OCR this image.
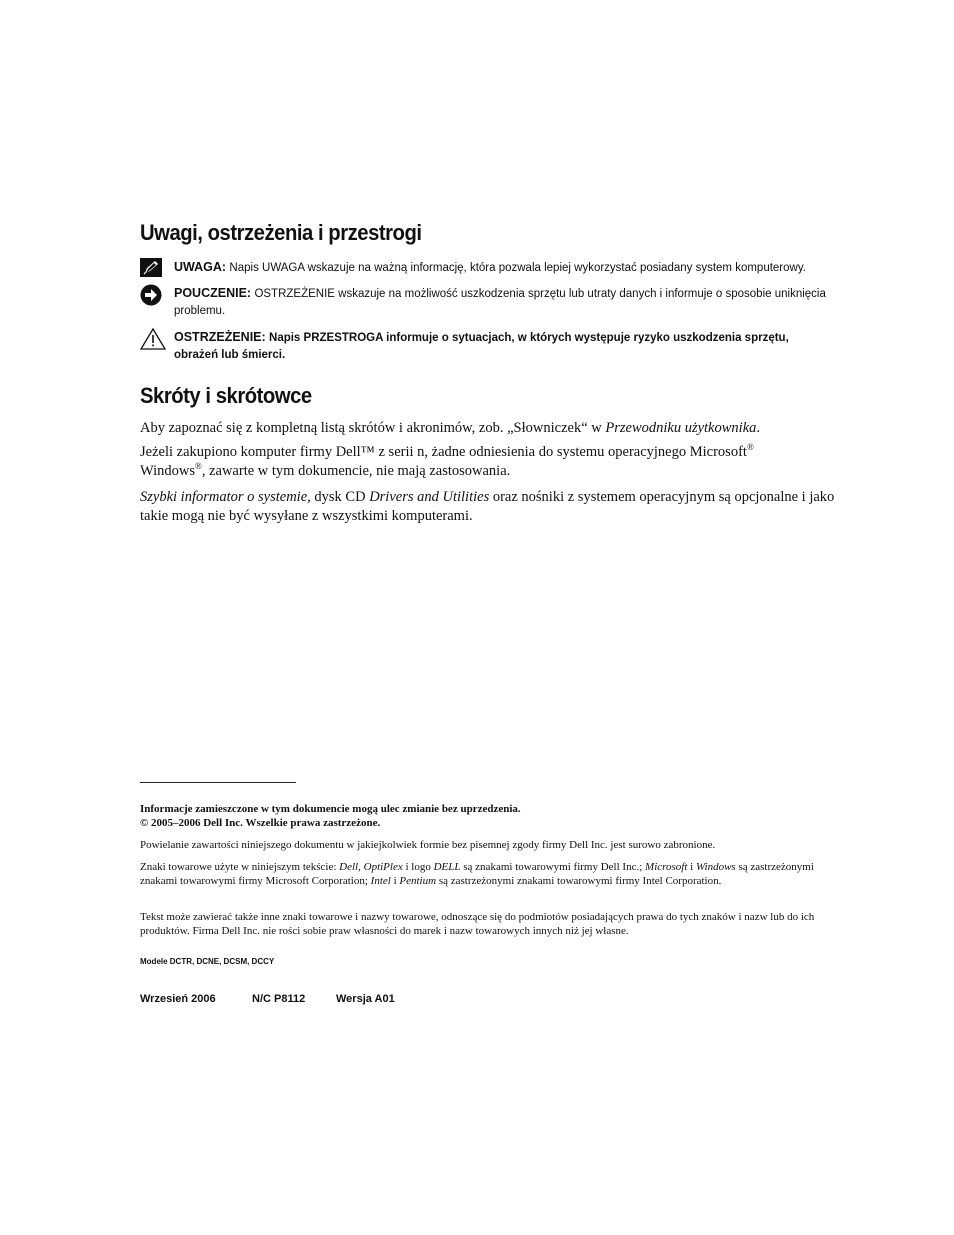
Uwagi, ostrzeżenia i przestrogi
UWAGA: Napis UWAGA wskazuje na ważną informację, która pozwala lepiej wykorzystać posiadany system komputerowy.
POUCZENIE: OSTRZEŻENIE wskazuje na możliwość uszkodzenia sprzętu lub utraty danych i informuje o sposobie uniknięcia
problemu.
OSTRZEŻENIE: Napis PRZESTROGA informuje o sytuacjach, w których występuje ryzyko uszkodzenia sprzętu,
obrażeń lub śmierci.
Skróty i skrótowce
Aby zapoznać się z kompletną listą skrótów i akronimów, zob. „Słowniczek“ w Przewodniku użytkownika.
Jeżeli zakupiono komputer firmy Dell™ z serii n, żadne odniesienia do systemu operacyjnego Microsoft®
Windows®, zawarte w tym dokumencie, nie mają zastosowania.
Szybki informator o systemie, dysk CD Drivers and Utilities oraz nośniki z systemem operacyjnym są opcjonalne i jako takie mogą nie być wysyłane z wszystkimi komputerami.
Informacje zamieszczone w tym dokumencie mogą ulec zmianie bez uprzedzenia.
© 2005–2006 Dell Inc. Wszelkie prawa zastrzeżone.
Powielanie zawartości niniejszego dokumentu w jakiejkolwiek formie bez pisemnej zgody firmy Dell Inc. jest surowo zabronione.
Znaki towarowe użyte w niniejszym tekście: Dell, OptiPlex i logo DELL są znakami towarowymi firmy Dell Inc.; Microsoft i Windows są zastrzeżonymi znakami towarowymi firmy Microsoft Corporation; Intel i Pentium są zastrzeżonymi znakami towarowymi firmy Intel Corporation.
Tekst może zawierać także inne znaki towarowe i nazwy towarowe, odnoszące się do podmiotów posiadających prawa do tych znaków i nazw lub do ich produktów. Firma Dell Inc. nie rości sobie praw własności do marek i nazw towarowych innych niż jej własne.
Modele DCTR, DCNE, DCSM, DCCY
Wrzesień 2006	N/C P8112	Wersja A01
